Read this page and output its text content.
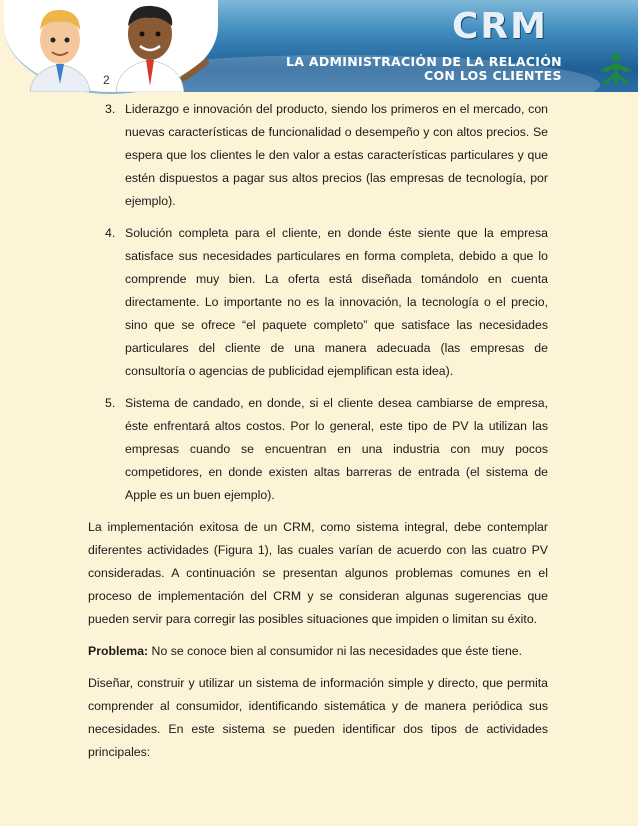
CRM
LA ADMINISTRACIÓN DE LA RELACIÓN
CON LOS CLIENTES
2
3. Liderazgo e innovación del producto, siendo los primeros en el mercado, con nuevas características de funcionalidad o desempeño y con altos precios. Se espera que los clientes le den valor a estas características particulares y que estén dispuestos a pagar sus altos precios (las empresas de tecnología, por ejemplo).
4. Solución completa para el cliente, en donde éste siente que la empresa satisface sus necesidades particulares en forma completa, debido a que lo comprende muy bien. La oferta está diseñada tomándolo en cuenta directamente. Lo importante no es la innovación, la tecnología o el precio, sino que se ofrece “el paquete completo” que satisface las necesidades particulares del cliente de una manera adecuada (las empresas de consultoría o agencias de publicidad ejemplifican esta idea).
5. Sistema de candado, en donde, si el cliente desea cambiarse de empresa, éste enfrentará altos costos. Por lo general, este tipo de PV la utilizan las empresas cuando se encuentran en una industria con muy pocos competidores, en donde existen altas barreras de entrada (el sistema de Apple es un buen ejemplo).

La implementación exitosa de un CRM, como sistema integral, debe contemplar diferentes actividades (Figura 1), las cuales varían de acuerdo con las cuatro PV consideradas. A continuación se presentan algunos problemas comunes en el proceso de implementación del CRM y se consideran algunas sugerencias que pueden servir para corregir las posibles situaciones que impiden o limitan su éxito.

Problema: No se conoce bien al consumidor ni las necesidades que éste tiene.

Diseñar, construir y utilizar un sistema de información simple y directo, que permita comprender al consumidor, identificando sistemática y de manera periódica sus necesidades. En este sistema se pueden identificar dos tipos de actividades principales:
